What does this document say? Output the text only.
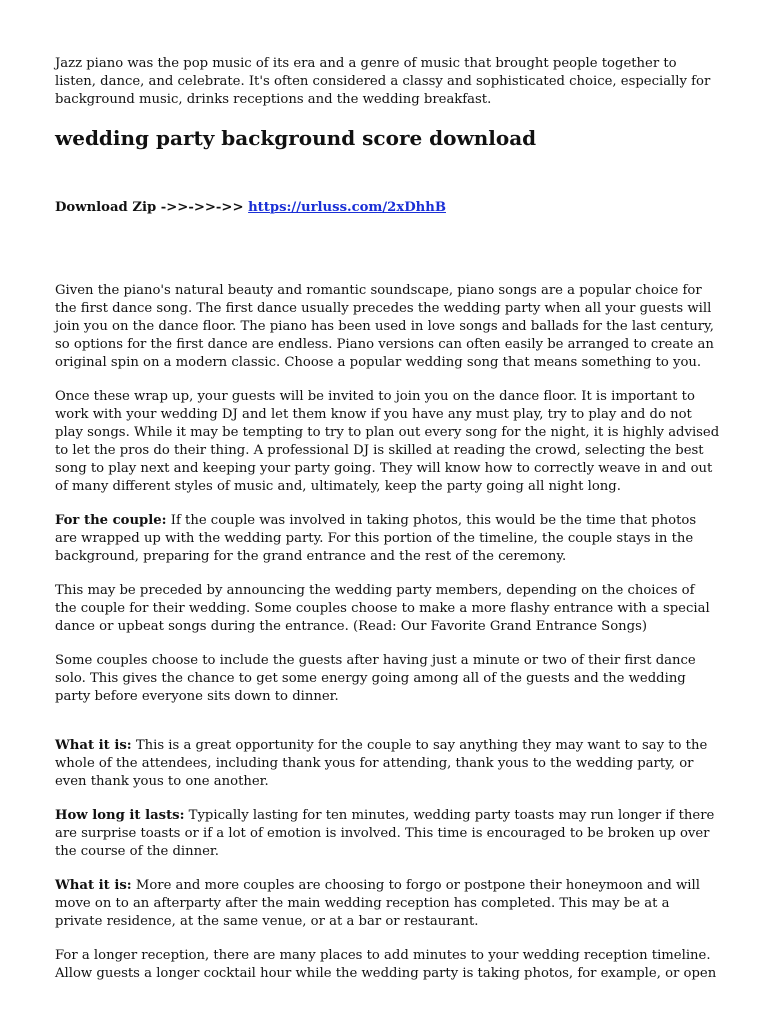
Jazz piano was the pop music of its era and a genre of music that brought people together to listen, dance, and celebrate. It's often considered a classy and sophisticated choice, especially for background music, drinks receptions and the wedding breakfast.

wedding party background score download

Download Zip ->>->>->> https://urluss.com/2xDhhB

Given the piano's natural beauty and romantic soundscape, piano songs are a popular choice for the first dance song. The first dance usually precedes the wedding party when all your guests will join you on the dance floor. The piano has been used in love songs and ballads for the last century, so options for the first dance are endless. Piano versions can often easily be arranged to create an original spin on a modern classic. Choose a popular wedding song that means something to you.

Once these wrap up, your guests will be invited to join you on the dance floor. It is important to work with your wedding DJ and let them know if you have any must play, try to play and do not play songs. While it may be tempting to try to plan out every song for the night, it is highly advised to let the pros do their thing. A professional DJ is skilled at reading the crowd, selecting the best song to play next and keeping your party going. They will know how to correctly weave in and out of many different styles of music and, ultimately, keep the party going all night long.

For the couple: If the couple was involved in taking photos, this would be the time that photos are wrapped up with the wedding party. For this portion of the timeline, the couple stays in the background, preparing for the grand entrance and the rest of the ceremony.

This may be preceded by announcing the wedding party members, depending on the choices of the couple for their wedding. Some couples choose to make a more flashy entrance with a special dance or upbeat songs during the entrance. (Read: Our Favorite Grand Entrance Songs)

Some couples choose to include the guests after having just a minute or two of their first dance solo. This gives the chance to get some energy going among all of the guests and the wedding party before everyone sits down to dinner.

What it is: This is a great opportunity for the couple to say anything they may want to say to the whole of the attendees, including thank yous for attending, thank yous to the wedding party, or even thank yous to one another.

How long it lasts: Typically lasting for ten minutes, wedding party toasts may run longer if there are surprise toasts or if a lot of emotion is involved. This time is encouraged to be broken up over the course of the dinner.

What it is: More and more couples are choosing to forgo or postpone their honeymoon and will move on to an afterparty after the main wedding reception has completed. This may be at a private residence, at the same venue, or at a bar or restaurant.

For a longer reception, there are many places to add minutes to your wedding reception timeline. Allow guests a longer cocktail hour while the wedding party is taking photos, for example, or open
